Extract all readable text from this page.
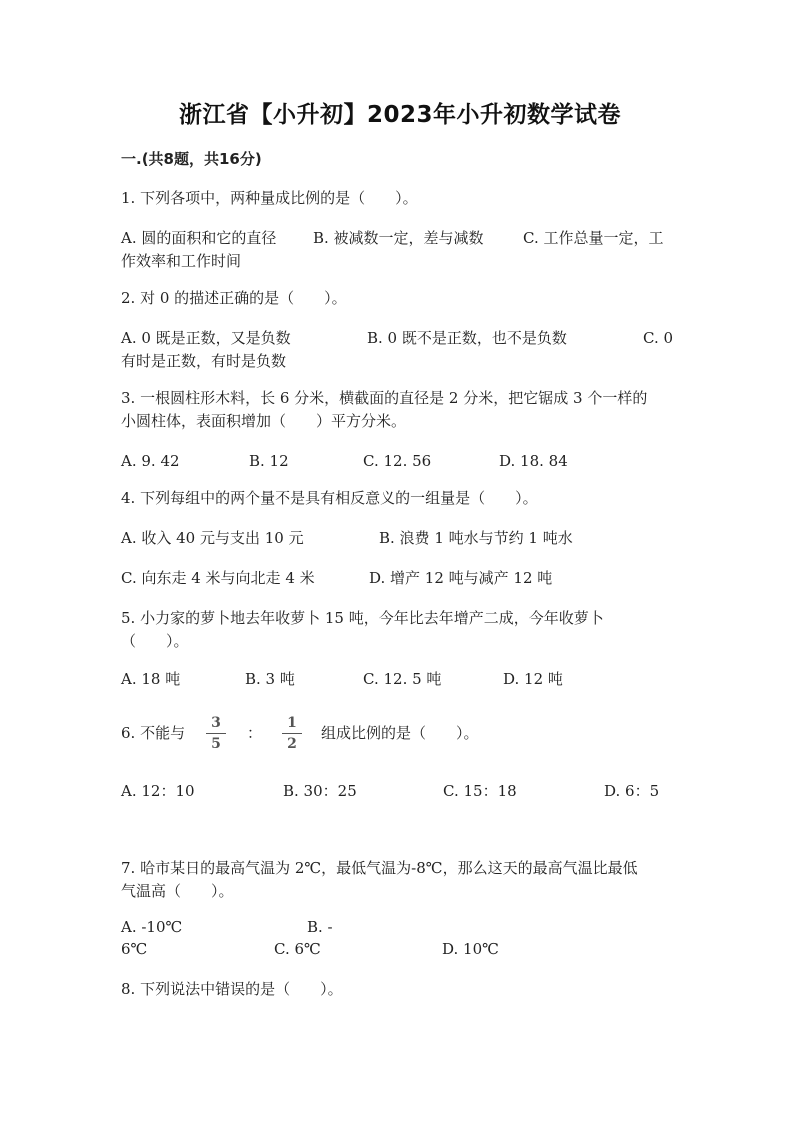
浙江省【小升初】2023年小升初数学试卷
一.(共8题，共16分)
1. 下列各项中，两种量成比例的是（　　）。
A. 圆的面积和它的直径 B. 被减数一定，差与减数	C. 工作总量一定，工
作效率和工作时间
2. 对 0 的描述正确的是（　　）。
A. 0 既是正数，又是负数	B. 0 既不是正数，也不是负数	C. 0
有时是正数，有时是负数
3. 一根圆柱形木料，长 6 分米，横截面的直径是 2 分米，把它锯成 3 个一样的
小圆柱体，表面积增加（　　）平方分米。
A. 9. 42	B. 12	C. 12. 56	D. 18. 84
4. 下列每组中的两个量不是具有相反意义的一组量是（　　）。
A. 收入 40 元与支出 10 元	B. 浪费 1 吨水与节约 1 吨水
C. 向东走 4 米与向北走 4 米	D. 增产 12 吨与减产 12 吨
5. 小力家的萝卜地去年收萝卜 15 吨，今年比去年增产二成，今年收萝卜
（　　）。
A. 18 吨	B. 3 吨	C. 12. 5 吨	D. 12 吨
6. 不能与
3
5
：
1
2
组成比例的是（　　）。
A. 12：10	B. 30：25	C. 15：18	D. 6：5
7. 哈市某日的最高气温为 2℃，最低气温为-8℃，那么这天的最高气温比最低
气温高（　　）。
A. -10℃	B. -
6℃	C. 6℃	D. 10℃
8. 下列说法中错误的是（　　）。
